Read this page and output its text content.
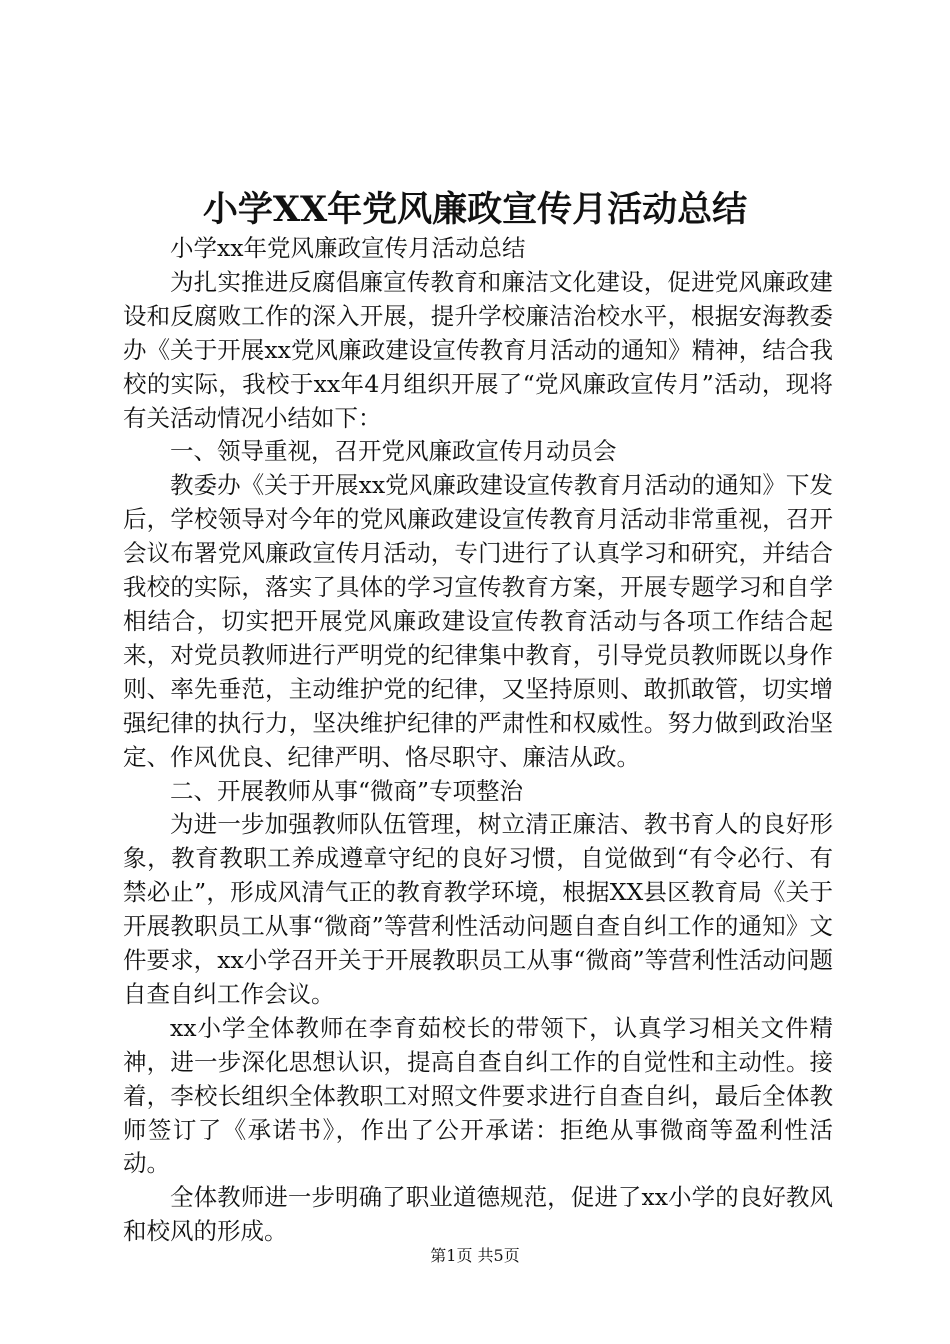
小学XX年党风廉政宣传月活动总结

小学xx年党风廉政宣传月活动总结

为扎实推进反腐倡廉宣传教育和廉洁文化建设，促进党风廉政建设和反腐败工作的深入开展，提升学校廉洁治校水平，根据安海教委办《关于开展xx党风廉政建设宣传教育月活动的通知》精神，结合我校的实际，我校于xx年4月组织开展了“党风廉政宣传月”活动，现将有关活动情况小结如下：

一、领导重视，召开党风廉政宣传月动员会

教委办《关于开展xx党风廉政建设宣传教育月活动的通知》下发后，学校领导对今年的党风廉政建设宣传教育月活动非常重视，召开会议布署党风廉政宣传月活动，专门进行了认真学习和研究，并结合我校的实际，落实了具体的学习宣传教育方案，开展专题学习和自学相结合，切实把开展党风廉政建设宣传教育活动与各项工作结合起来，对党员教师进行严明党的纪律集中教育，引导党员教师既以身作则、率先垂范，主动维护党的纪律，又坚持原则、敢抓敢管，切实增强纪律的执行力，坚决维护纪律的严肃性和权威性。努力做到政治坚定、作风优良、纪律严明、恪尽职守、廉洁从政。

二、开展教师从事“微商”专项整治

为进一步加强教师队伍管理，树立清正廉洁、教书育人的良好形象，教育教职工养成遵章守纪的良好习惯，自觉做到“有令必行、有禁必止”，形成风清气正的教育教学环境，根据XX县区教育局《关于开展教职员工从事“微商”等营利性活动问题自查自纠工作的通知》文件要求，xx小学召开关于开展教职员工从事“微商”等营利性活动问题自查自纠工作会议。

xx小学全体教师在李育茹校长的带领下，认真学习相关文件精神，进一步深化思想认识，提高自查自纠工作的自觉性和主动性。接着，李校长组织全体教职工对照文件要求进行自查自纠，最后全体教师签订了《承诺书》，作出了公开承诺：拒绝从事微商等盈利性活动。

全体教师进一步明确了职业道德规范，促进了xx小学的良好教风和校风的形成。

第1页 共5页
